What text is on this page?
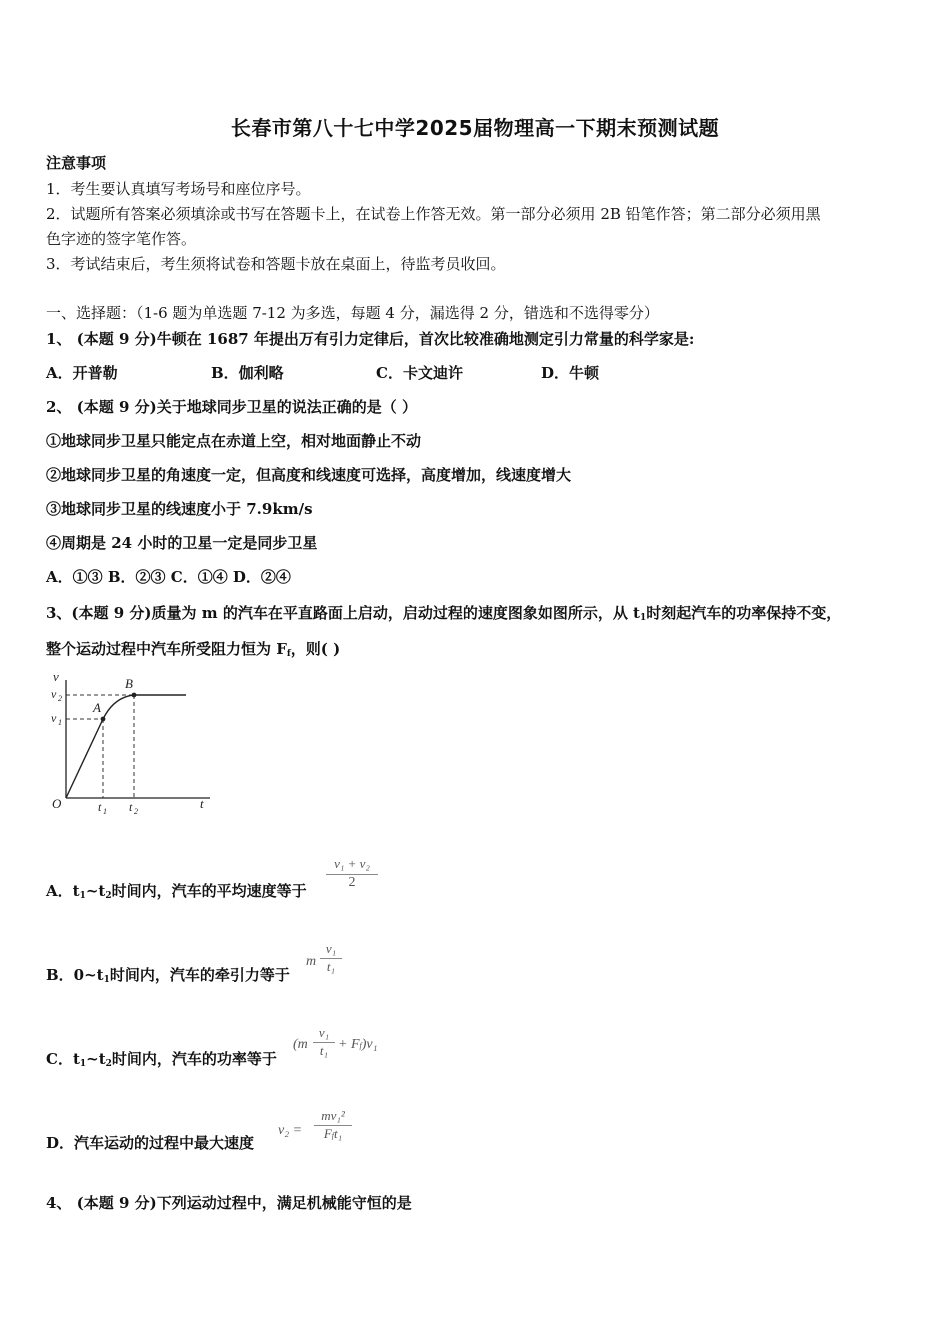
长春市第八十七中学2025届物理高一下期末预测试题
注意事项
1．考生要认真填写考场号和座位序号。
2．试题所有答案必须填涂或书写在答题卡上，在试卷上作答无效。第一部分必须用 2B 铅笔作答；第二部分必须用黑
色字迹的签字笔作答。
3．考试结束后，考生须将试卷和答题卡放在桌面上，待监考员收回。
一、选择题：（1-6 题为单选题 7-12 为多选，每题 4 分，漏选得 2 分，错选和不选得零分）
1、 (本题 9 分)牛顿在 1687 年提出万有引力定律后，首次比较准确地测定引力常量的科学家是:
A．开普勒	B．伽利略	C．卡文迪许	D．牛顿
2、 (本题 9 分)关于地球同步卫星的说法正确的是（ ）
①地球同步卫星只能定点在赤道上空，相对地面静止不动
②地球同步卫星的角速度一定，但高度和线速度可选择，高度增加，线速度增大
③地球同步卫星的线速度小于 7.9km/s
④周期是 24 小时的卫星一定是同步卫星
A．①③ B．②③ C．①④ D．②④
3、(本题 9 分)质量为 m 的汽车在平直路面上启动，启动过程的速度图象如图所示，从 $t_1$时刻起汽车的功率保持不变，
整个运动过程中汽车所受阻力恒为 $F_f$，则( )
v
v 2
v 1
A
B
O	t
t 1 t 2
A．$t_1\sim t_2$时间内，汽车的平均速度等于
v₁ + v₂
2
B．$0\sim t_1$时间内，汽车的牵引力等于
m
v₁
t₁
C．$t_1\sim t_2$时间内，汽车的功率等于
(m
v₁
t₁ + Ff)v₁
D．汽车运动的过程中最大速度
v₂ =
mv₁²
Fft₁
4、 (本题 9 分)下列运动过程中，满足机械能守恒的是
